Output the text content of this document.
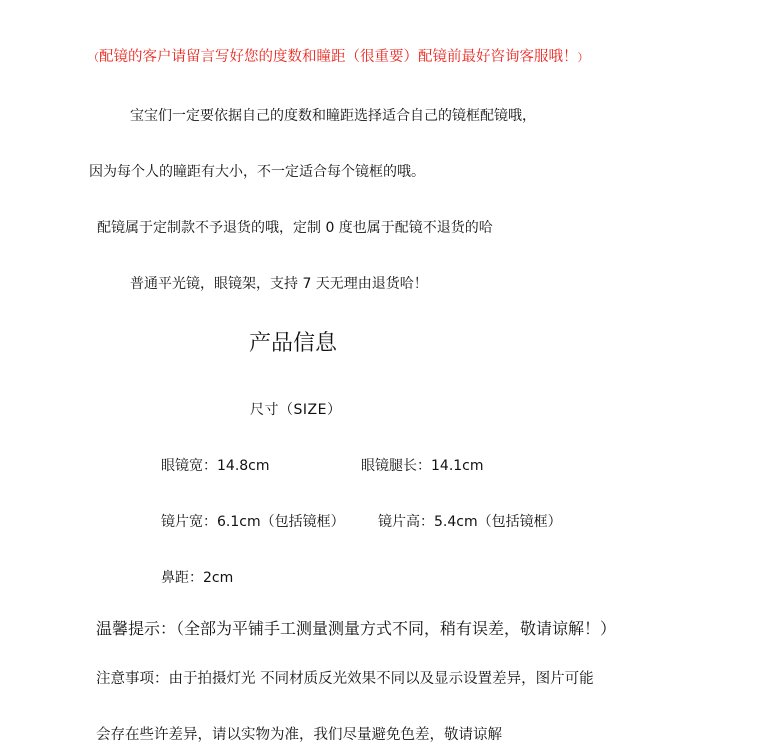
（配镜的客户请留言写好您的度数和瞳距（很重要）配镜前最好咨询客服哦！）
宝宝们一定要依据自己的度数和瞳距选择适合自己的镜框配镜哦，
因为每个人的瞳距有大小，不一定适合每个镜框的哦。
配镜属于定制款不予退货的哦，定制 0 度也属于配镜不退货的哈
普通平光镜，眼镜架，支持 7 天无理由退货哈！
产品信息
尺寸（SIZE）
眼镜宽：14.8cm	眼镜腿长：14.1cm
镜片宽：6.1cm（包括镜框） 镜片高：5.4cm（包括镜框）
鼻距：2cm
温馨提示：（全部为平铺手工测量测量方式不同，稍有误差，敬请谅解！）
注意事项：由于拍摄灯光 不同材质反光效果不同以及显示设置差异，图片可能
会存在些许差异，请以实物为准，我们尽量避免色差，敬请谅解
